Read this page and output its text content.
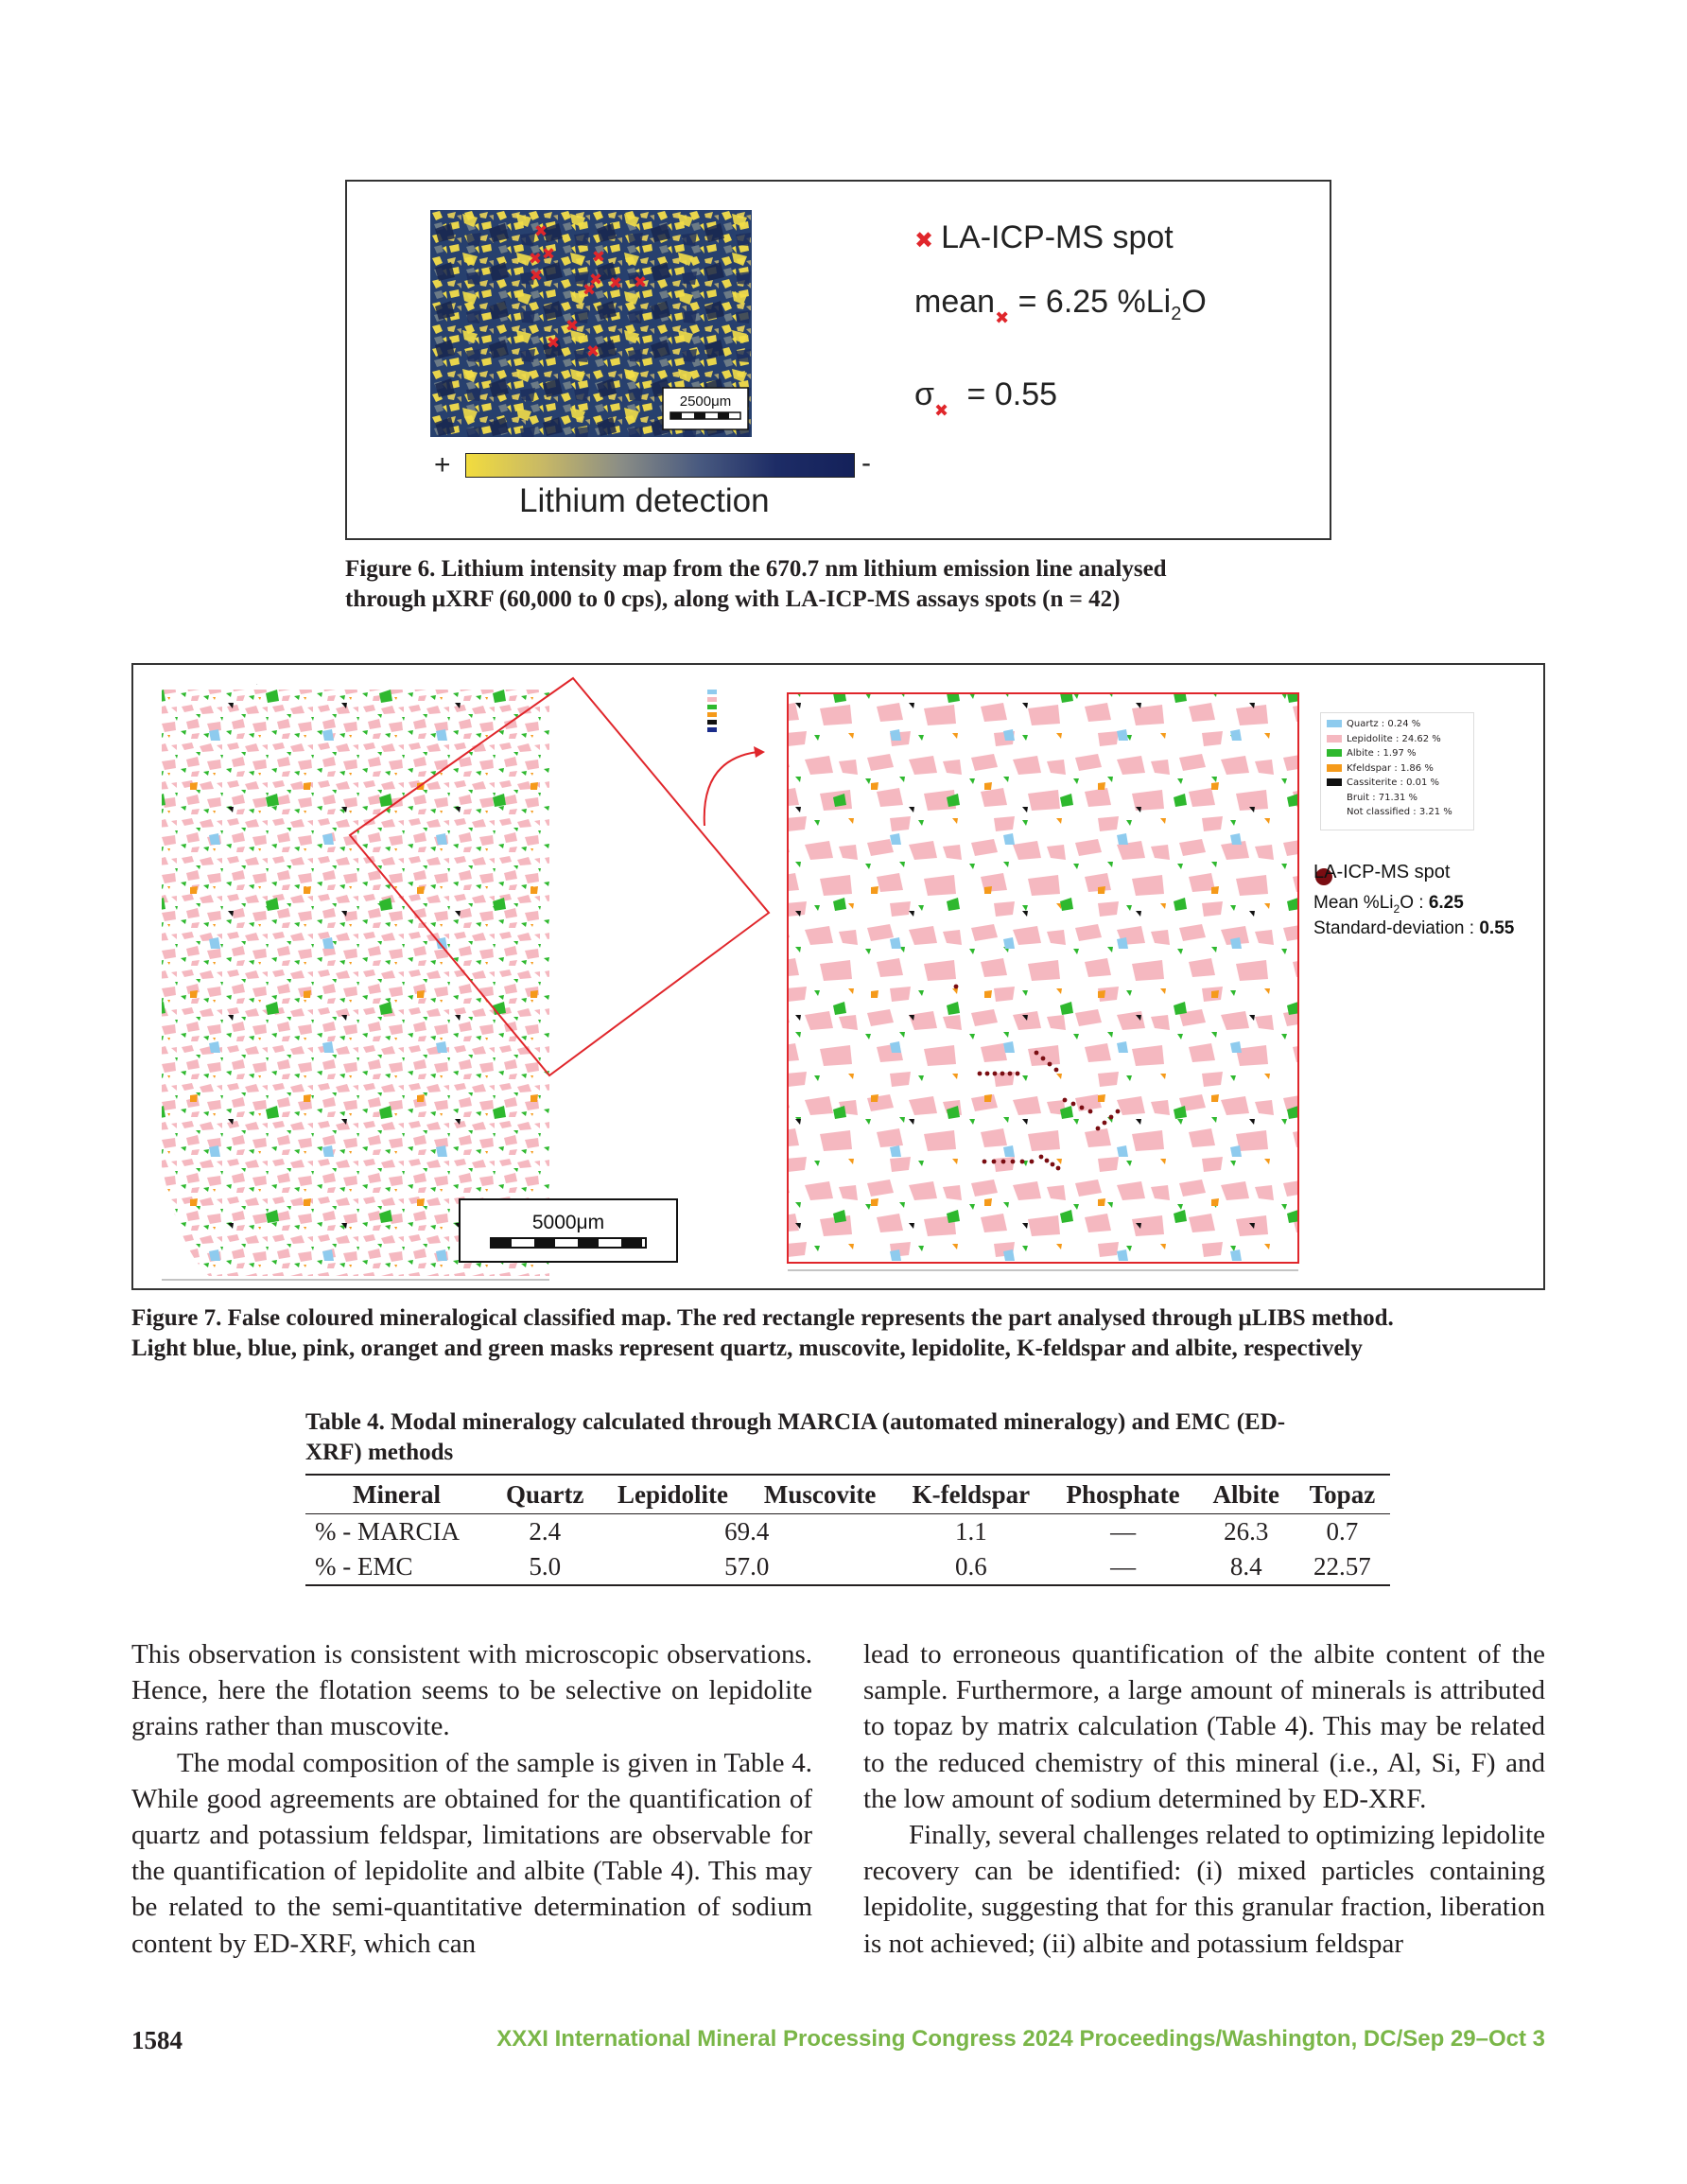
✖
✖
✖
✖
✖
✖
✖ ✖ ✖
✖
✖ ✖
2500μm
✖ LA-ICP-MS spot
mean$_✖$ = 6.25 $\%Li_2O$
$\sigma_✖ = 0.55$
+	-
Lithium detection
Figure 6. Lithium intensity map from the 670.7 nm lithium emission line analysed
through μXRF (60,000 to 0 cps), along with LA-ICP-MS assays spots (n = 42)
·
5000μm
Quartz : 0.24 %
Lepidolite : 24.62 %
Albite : 1.97 %
Kfeldspar : 1.86 %
Cassiterite : 0.01 %
Bruit : 71.31 %
Not classified : 3.21 %
LA-ICP-MS spot
Mean $\%Li_2O$ : 6.25
Standard-deviation : 0.55
Figure 7. False coloured mineralogical classified map. The red rectangle represents the part analysed through μLIBS method.
Light blue, blue, pink, oranget and green masks represent quartz, muscovite, lepidolite, K-feldspar and albite, respectively
Table 4. Modal mineralogy calculated through MARCIA (automated mineralogy) and EMC (ED-
XRF) methods
Mineral	Quartz	Lepidolite	Muscovite	K-feldspar	Phosphate	Albite	Topaz
% - MARCIA	2.4	69.4		1.1	—	26.3	0.7
% - EMC	5.0	57.0		0.6	—	8.4	22.57

This observation is consistent with microscopic observations. Hence, here the flotation seems to be selective on lepidolite grains rather than muscovite.

The modal composition of the sample is given in Table 4. While good agreements are obtained for the quantification of quartz and potassium feldspar, limitations are observable for the quantification of lepidolite and albite (Table 4). This may be related to the semi-quantitative determination of sodium content by ED-XRF, which can

lead to erroneous quantification of the albite content of the sample. Furthermore, a large amount of minerals is attributed to topaz by matrix calculation (Table 4). This may be related to the reduced chemistry of this mineral (i.e., Al, Si, F) and the low amount of sodium determined by ED-XRF.

Finally, several challenges related to optimizing lepidolite recovery can be identified: (i) mixed particles containing lepidolite, suggesting that for this granular fraction, liberation is not achieved; (ii) albite and potassium feldspar

1584	XXXI International Mineral Processing Congress 2024 Proceedings/Washington, DC/Sep 29–Oct 3
